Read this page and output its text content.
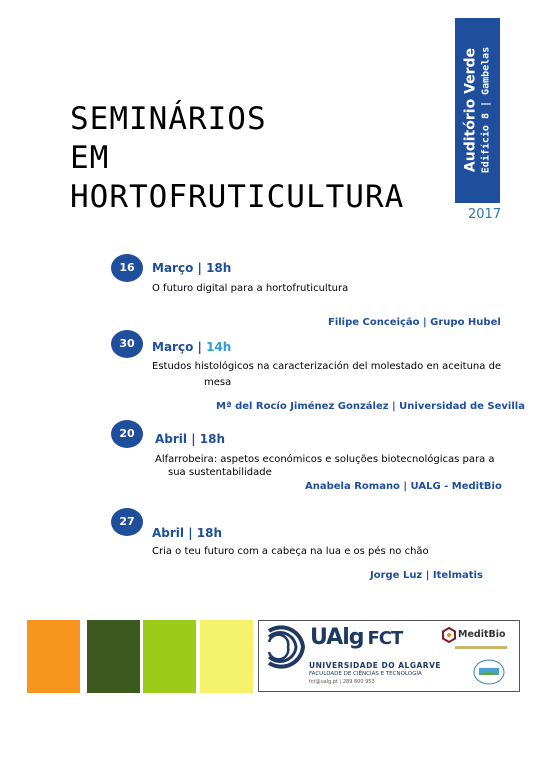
SEMINÁRIOS
EM
HORTOFRUTICULTURA
Auditório Verde Edifício 8 | Gambelas
2017
16	Março | 18h
O futuro digital para a hortofruticultura
Filipe Conceição | Grupo Hubel
30	Março | 14h
Estudos histológicos na caracterización del molestado en aceituna de
mesa
Mª del Rocío Jiménez González | Universidad de Sevilla
20	Abril | 18h
Alfarrobeira: aspetos económicos e soluções biotecnológicas para a
sua sustentabilidade
Anabela Romano | UALG - MeditBio
27
Abril | 18h
Cria o teu futuro com a cabeça na lua e os pés no chão
Jorge Luz | Itelmatis
UAlg FCT
UNIVERSIDADE DO ALGARVE
FACULDADE DE CIÊNCIAS E TECNOLOGIA
fct@ualg.pt | 289 800 953
MeditBio
